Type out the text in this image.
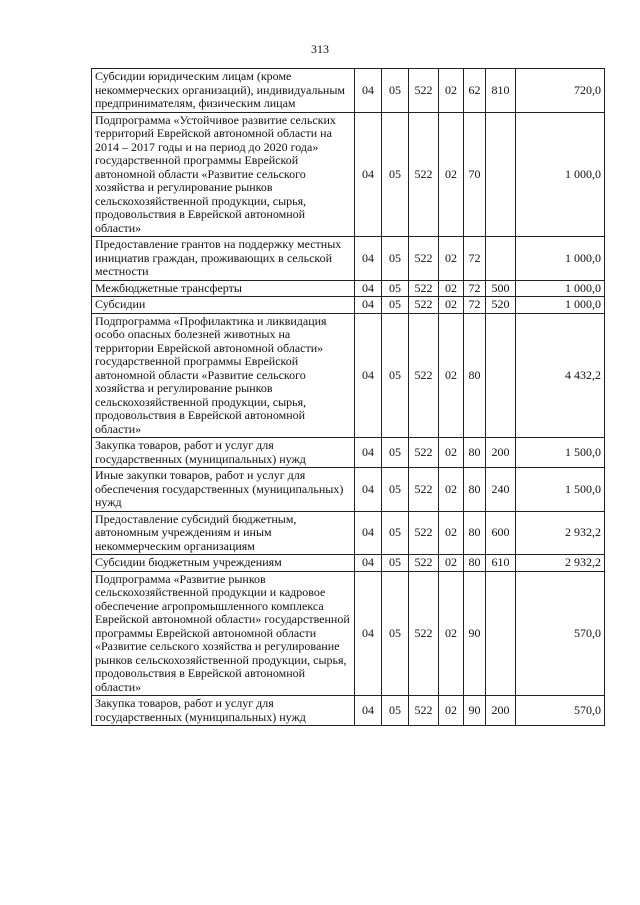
313
Субсидии юридическим лицам (кроме некоммерческих организаций), индивидуальным предпринимателям, физическим лицам	04	05	522	02	62	810	720,0
Подпрограмма «Устойчивое развитие сельских территорий Еврейской автономной области на 2014 – 2017 годы и на период до 2020 года» государственной программы Еврейской автономной области «Развитие сельского хозяйства и регулирование рынков сельскохозяйственной продукции, сырья, продовольствия в Еврейской автономной области»	04	05	522	02	70		1 000,0
Предоставление грантов на поддержку местных инициатив граждан, проживающих в сельской местности	04	05	522	02	72		1 000,0
Межбюджетные трансферты	04	05	522	02	72	500	1 000,0
Субсидии	04	05	522	02	72	520	1 000,0
Подпрограмма «Профилактика и ликвидация особо опасных болезней животных на территории Еврейской автономной области» государственной программы Еврейской автономной области «Развитие сельского хозяйства и регулирование рынков сельскохозяйственной продукции, сырья, продовольствия в Еврейской автономной области»	04	05	522	02	80		4 432,2
Закупка товаров, работ и услуг для государственных (муниципальных) нужд	04	05	522	02	80	200	1 500,0
Иные закупки товаров, работ и услуг для обеспечения государственных (муниципальных) нужд	04	05	522	02	80	240	1 500,0
Предоставление субсидий бюджетным, автономным учреждениям и иным некоммерческим организациям	04	05	522	02	80	600	2 932,2
Субсидии бюджетным учреждениям	04	05	522	02	80	610	2 932,2
Подпрограмма «Развитие рынков сельскохозяйственной продукции и кадровое обеспечение агропромышленного комплекса Еврейской автономной области» государственной программы Еврейской автономной области «Развитие сельского хозяйства и регулирование рынков сельскохозяйственной продукции, сырья, продовольствия в Еврейской автономной области»	04	05	522	02	90		570,0
Закупка товаров, работ и услуг для государственных (муниципальных) нужд	04	05	522	02	90	200	570,0
